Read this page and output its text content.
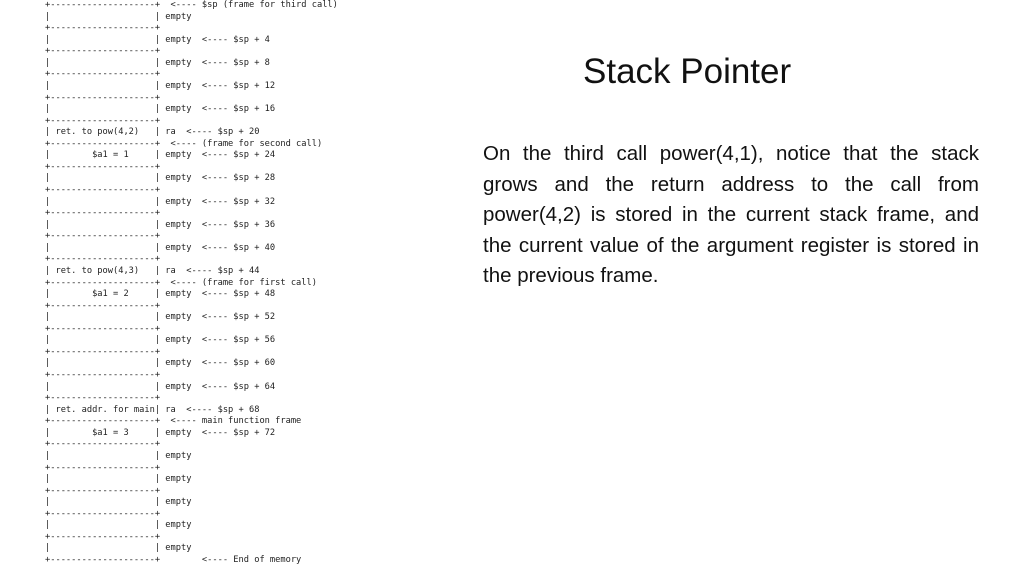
+--------------------+  <---- $sp (frame for third call)
|                    | empty
+--------------------+
|                    | empty  <---- $sp + 4
+--------------------+
|                    | empty  <---- $sp + 8
+--------------------+
|                    | empty  <---- $sp + 12
+--------------------+
|                    | empty  <---- $sp + 16
+--------------------+
| ret. to pow(4,2)   | ra  <---- $sp + 20
+--------------------+  <---- (frame for second call)
|        $a1 = 1     | empty  <---- $sp + 24
+--------------------+
|                    | empty  <---- $sp + 28
+--------------------+
|                    | empty  <---- $sp + 32
+--------------------+
|                    | empty  <---- $sp + 36
+--------------------+
|                    | empty  <---- $sp + 40
+--------------------+
| ret. to pow(4,3)   | ra  <---- $sp + 44
+--------------------+  <---- (frame for first call)
|        $a1 = 2     | empty  <---- $sp + 48
+--------------------+
|                    | empty  <---- $sp + 52
+--------------------+
|                    | empty  <---- $sp + 56
+--------------------+
|                    | empty  <---- $sp + 60
+--------------------+
|                    | empty  <---- $sp + 64
+--------------------+
| ret. addr. for main| ra  <---- $sp + 68
+--------------------+  <---- main function frame
|        $a1 = 3     | empty  <---- $sp + 72
+--------------------+
|                    | empty
+--------------------+
|                    | empty
+--------------------+
|                    | empty
+--------------------+
|                    | empty
+--------------------+
|                    | empty
+--------------------+        <---- End of memory
Stack Pointer

On the third call power(4,1), notice that the stack grows and the return address to the call from power(4,2) is stored in the current stack frame, and the current value of the argument register is stored in the previous frame.
